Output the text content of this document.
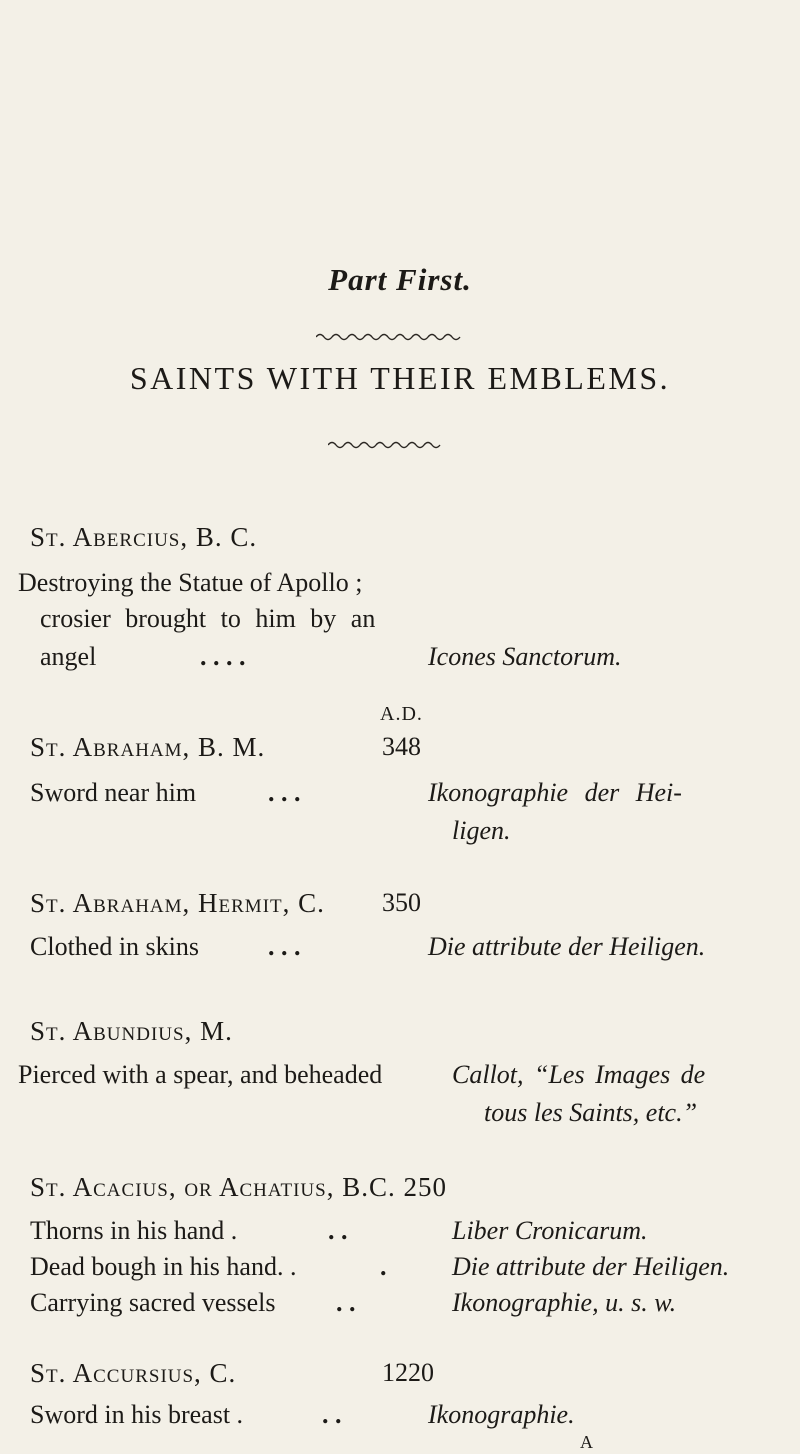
Part First.
SAINTS WITH THEIR EMBLEMS.
St. Abercius, B. C.
Destroying the Statue of Apollo ;
crosier brought to him by an
angel	. . . .	Icones Sanctorum.
A.D.
St. Abraham, B. M.	348
Sword near him	. . .	Ikonographie der Hei-
ligen.
St. Abraham, Hermit, C. 350
Clothed in skins	. . .	Die attribute der Heiligen.
St. Abundius, M.
Pierced with a spear, and beheaded	Callot, “Les Images de
tous les Saints, etc.”
St. Acacius, or Achatius, B.C. 250
Thorns in his hand .	. .	Liber Cronicarum.
Dead bough in his hand. .	.	Die attribute der Heiligen.
Carrying sacred vessels . .	Ikonographie, u. s. w.
St. Accursius, C.	1220
Sword in his breast .	. .	Ikonographie.
A
